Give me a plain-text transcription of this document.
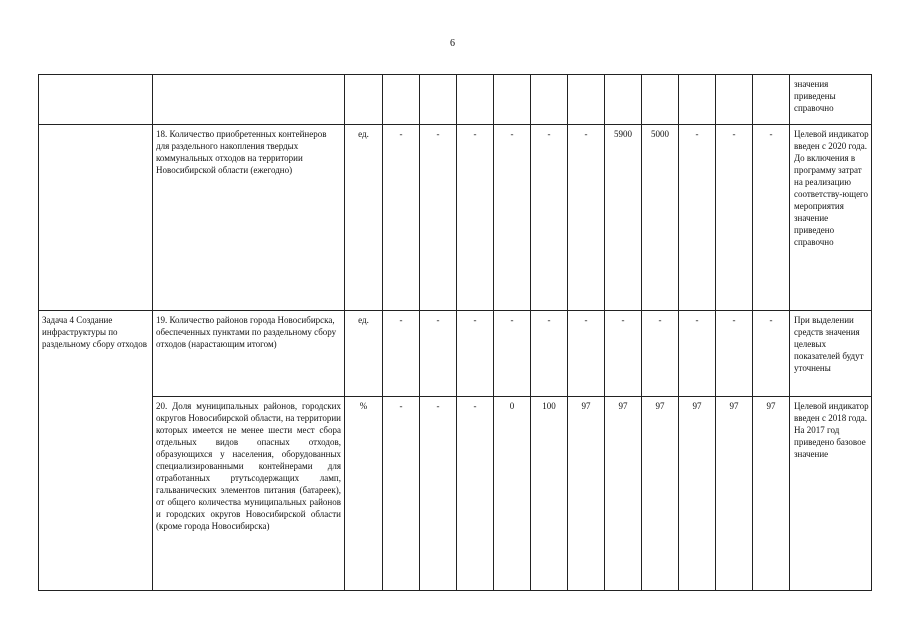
6
														значения приведены справочно
	18. Количество приобретенных контейнеров для раздельного накопления твердых коммунальных отходов на территории Новосибирской области (ежегодно)	ед.	-	-	-	-	-	-	5900	5000	-	-	-	Целевой индикатор введен с 2020 года. До включения в программу затрат на реализацию соответству-ющего мероприятия значение приведено справочно
Задача 4 Создание инфраструктуры по раздельному сбору отходов	19. Количество районов города Новосибирска, обеспеченных пунктами по раздельному сбору отходов (нарастающим итогом)	ед.	-	-	-	-	-	-	-	-	-	-	-	При выделении средств значения целевых показателей будут уточнены
	20. Доля муниципальных районов, городских округов Новосибирской области, на территории которых имеется не менее шести мест сбора отдельных видов опасных отходов, образующихся у населения, оборудованных специализированными контейнерами для отработанных ртутьсодержащих ламп, гальванических элементов питания (батареек), от общего количества муниципальных районов и городских округов Новосибирской области (кроме города Новосибирска)	%	-	-	-	0	100	97	97	97	97	97	97	Целевой индикатор введен с 2018 года. На 2017 год приведено базовое значение
